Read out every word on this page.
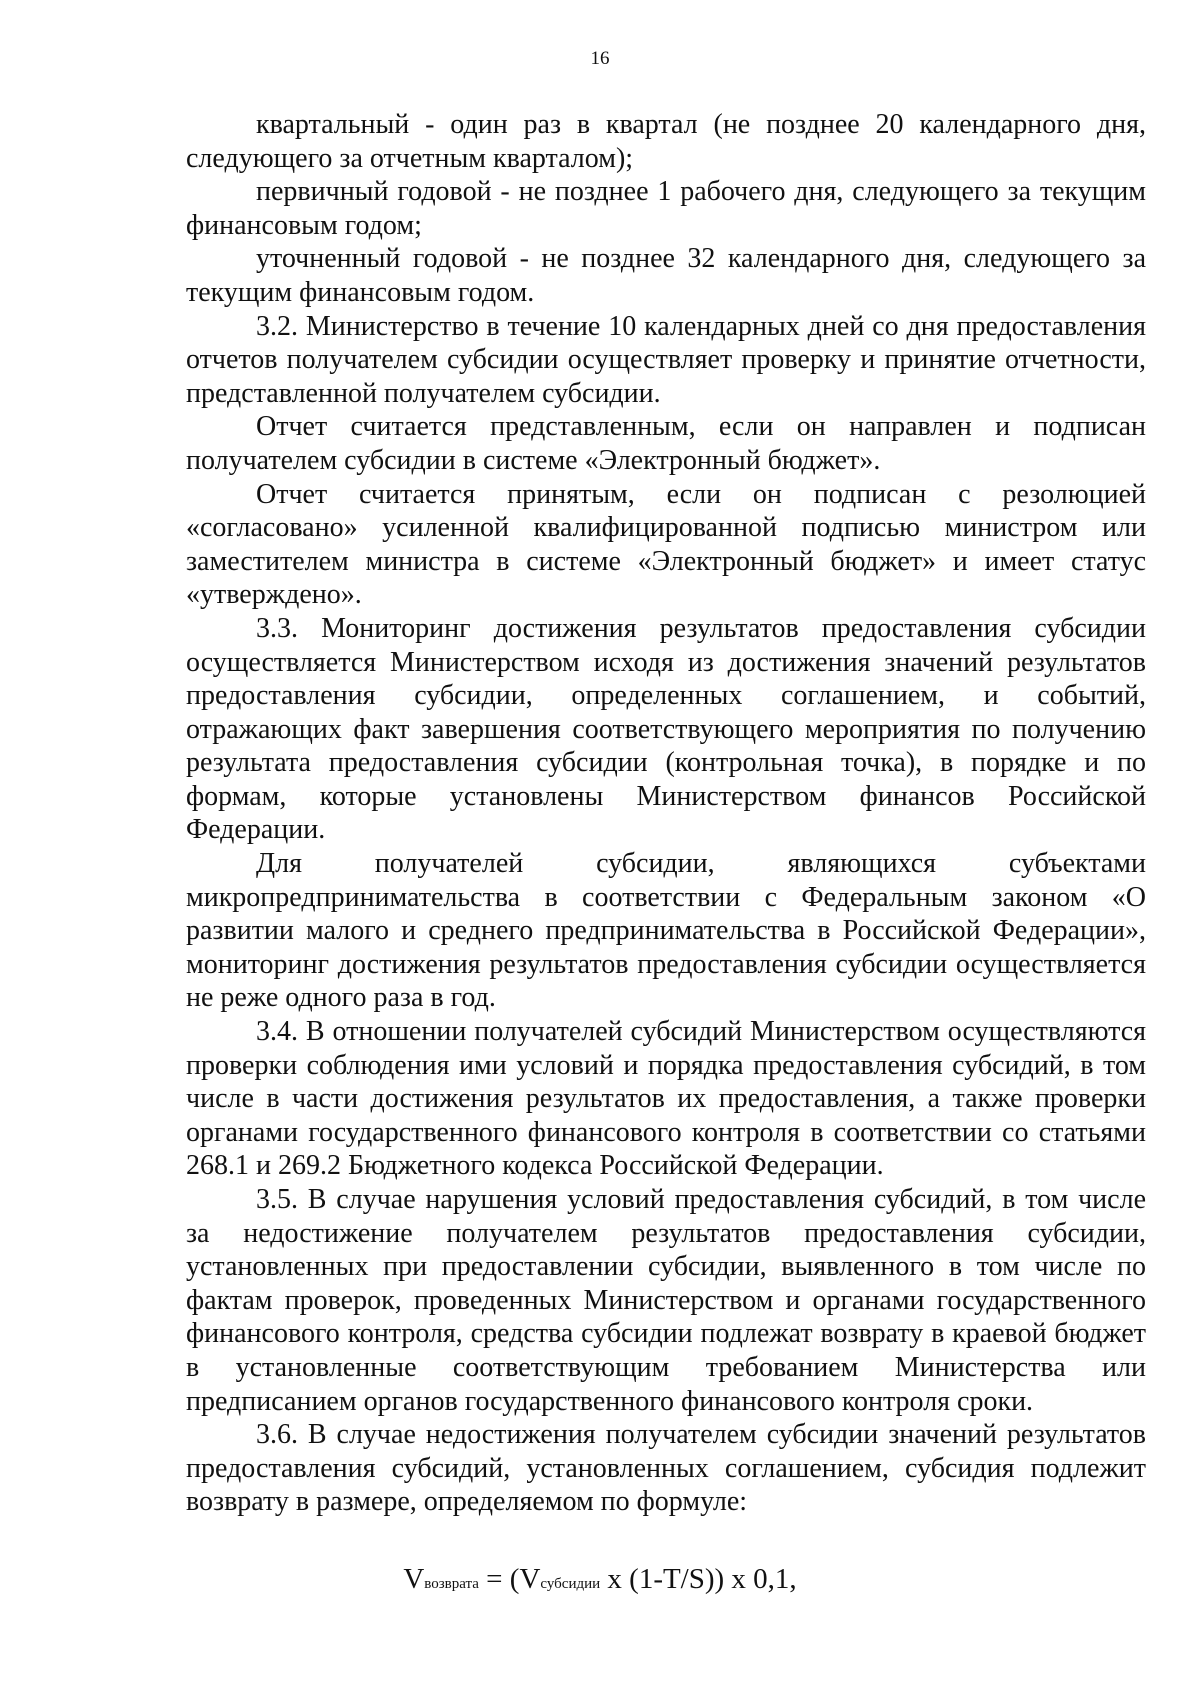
16

квартальный - один раз в квартал (не позднее 20 календарного дня, следующего за отчетным кварталом);

первичный годовой - не позднее 1 рабочего дня, следующего за текущим финансовым годом;

уточненный годовой - не позднее 32 календарного дня, следующего за текущим финансовым годом.

3.2. Министерство в течение 10 календарных дней со дня предоставления отчетов получателем субсидии осуществляет проверку и принятие отчетности, представленной получателем субсидии.

Отчет считается представленным, если он направлен и подписан получателем субсидии в системе «Электронный бюджет».

Отчет считается принятым, если он подписан с резолюцией «согласовано» усиленной квалифицированной подписью министром или заместителем министра в системе «Электронный бюджет» и имеет статус «утверждено».

3.3. Мониторинг достижения результатов предоставления субсидии осуществляется Министерством исходя из достижения значений результатов предоставления субсидии, определенных соглашением, и событий, отражающих факт завершения соответствующего мероприятия по получению результата предоставления субсидии (контрольная точка), в порядке и по формам, которые установлены Министерством финансов Российской Федерации.

Для получателей субсидии, являющихся субъектами микропредпринимательства в соответствии с Федеральным законом «О развитии малого и среднего предпринимательства в Российской Федерации», мониторинг достижения результатов предоставления субсидии осуществляется не реже одного раза в год.

3.4. В отношении получателей субсидий Министерством осуществляются проверки соблюдения ими условий и порядка предоставления субсидий, в том числе в части достижения результатов их предоставления, а также проверки органами государственного финансового контроля в соответствии со статьями 268.1 и 269.2 Бюджетного кодекса Российской Федерации.

3.5. В случае нарушения условий предоставления субсидий, в том числе за недостижение получателем результатов предоставления субсидии, установленных при предоставлении субсидии, выявленного в том числе по фактам проверок, проведенных Министерством и органами государственного финансового контроля, средства субсидии подлежат возврату в краевой бюджет в установленные соответствующим требованием Министерства или предписанием органов государственного финансового контроля сроки.

3.6. В случае недостижения получателем субсидии значений результатов предоставления субсидий, установленных соглашением, субсидия подлежит возврату в размере, определяемом по формуле:

Vвозврата = (Vсубсидии x (1-T/S)) x 0,1,
